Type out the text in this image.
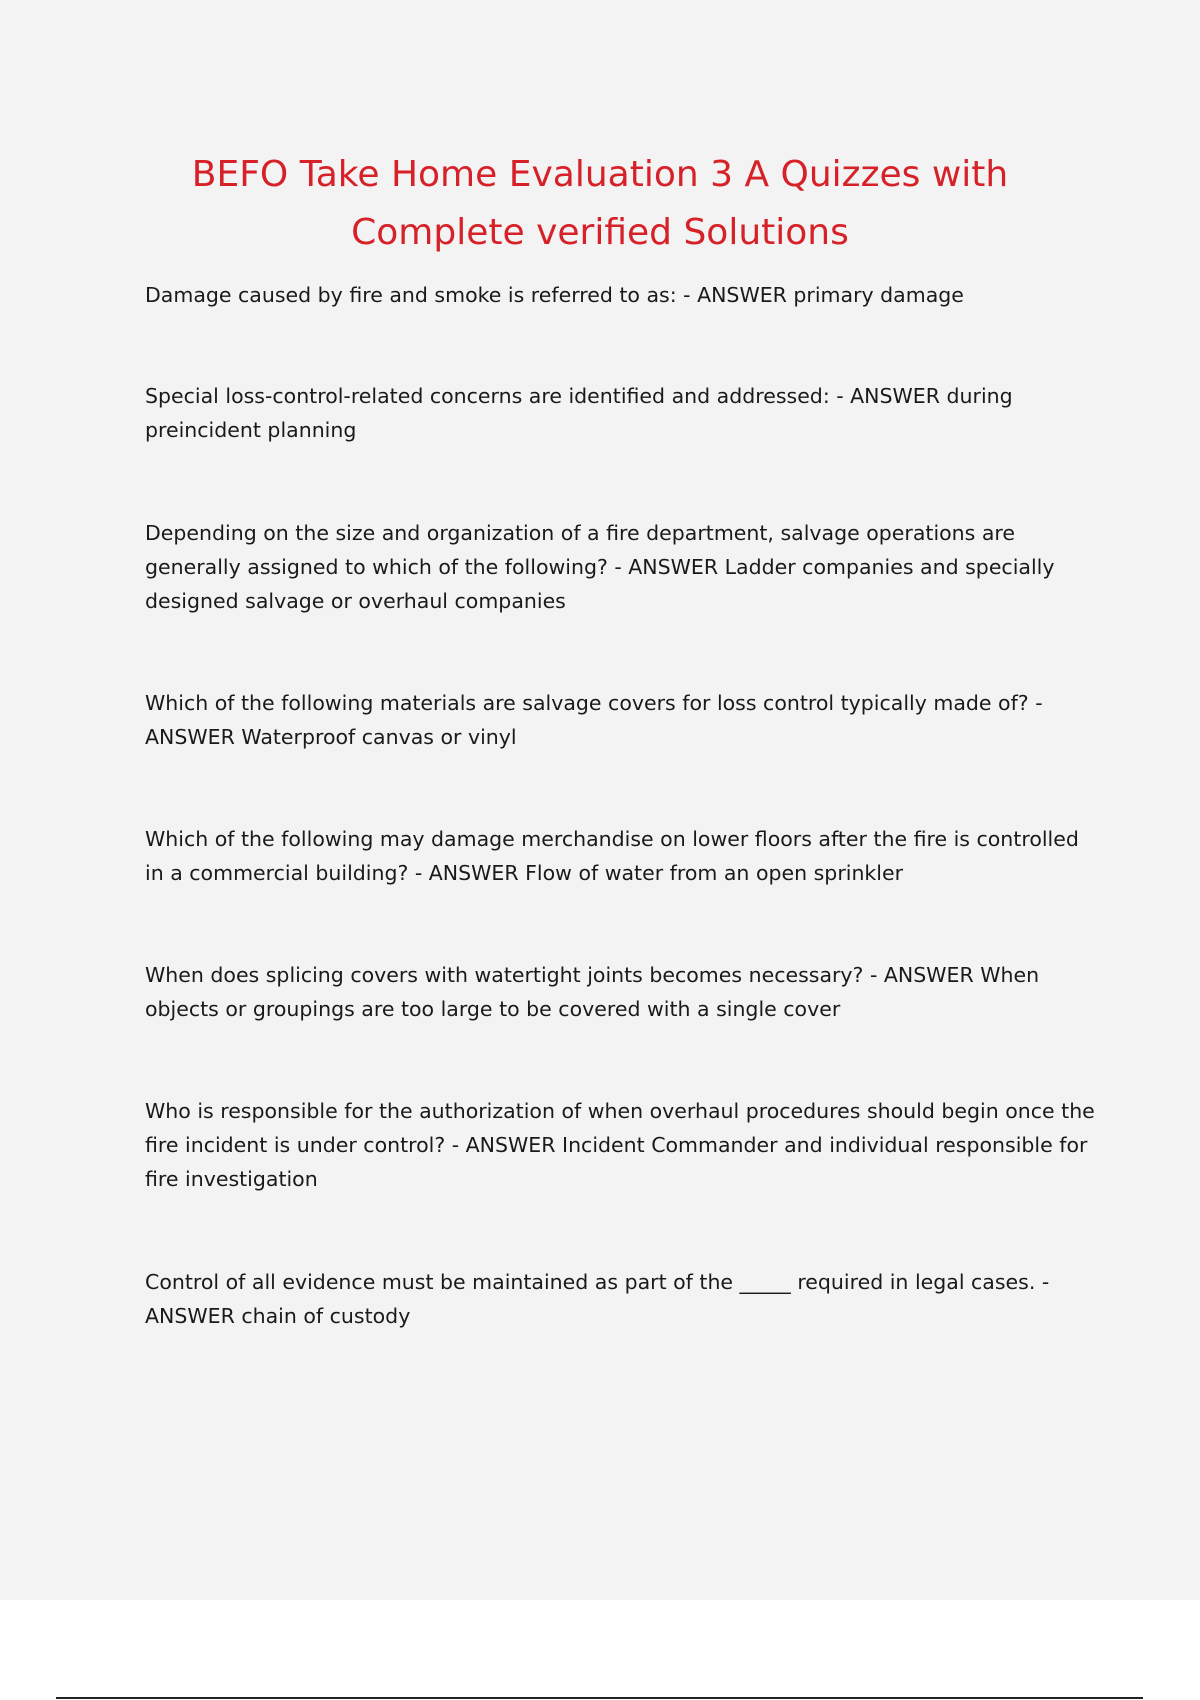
BEFO Take Home Evaluation 3 A Quizzes with
Complete verified Solutions

Damage caused by fire and smoke is referred to as: - ANSWER primary damage

Special loss-control-related concerns are identified and addressed: - ANSWER during preincident planning

Depending on the size and organization of a fire department, salvage operations are generally assigned to which of the following? - ANSWER Ladder companies and specially designed salvage or overhaul companies

Which of the following materials are salvage covers for loss control typically made of? - ANSWER Waterproof canvas or vinyl

Which of the following may damage merchandise on lower floors after the fire is controlled in a commercial building? - ANSWER Flow of water from an open sprinkler

When does splicing covers with watertight joints becomes necessary? - ANSWER When objects or groupings are too large to be covered with a single cover

Who is responsible for the authorization of when overhaul procedures should begin once the fire incident is under control? - ANSWER Incident Commander and individual responsible for fire investigation

Control of all evidence must be maintained as part of the _____ required in legal cases. - ANSWER chain of custody
